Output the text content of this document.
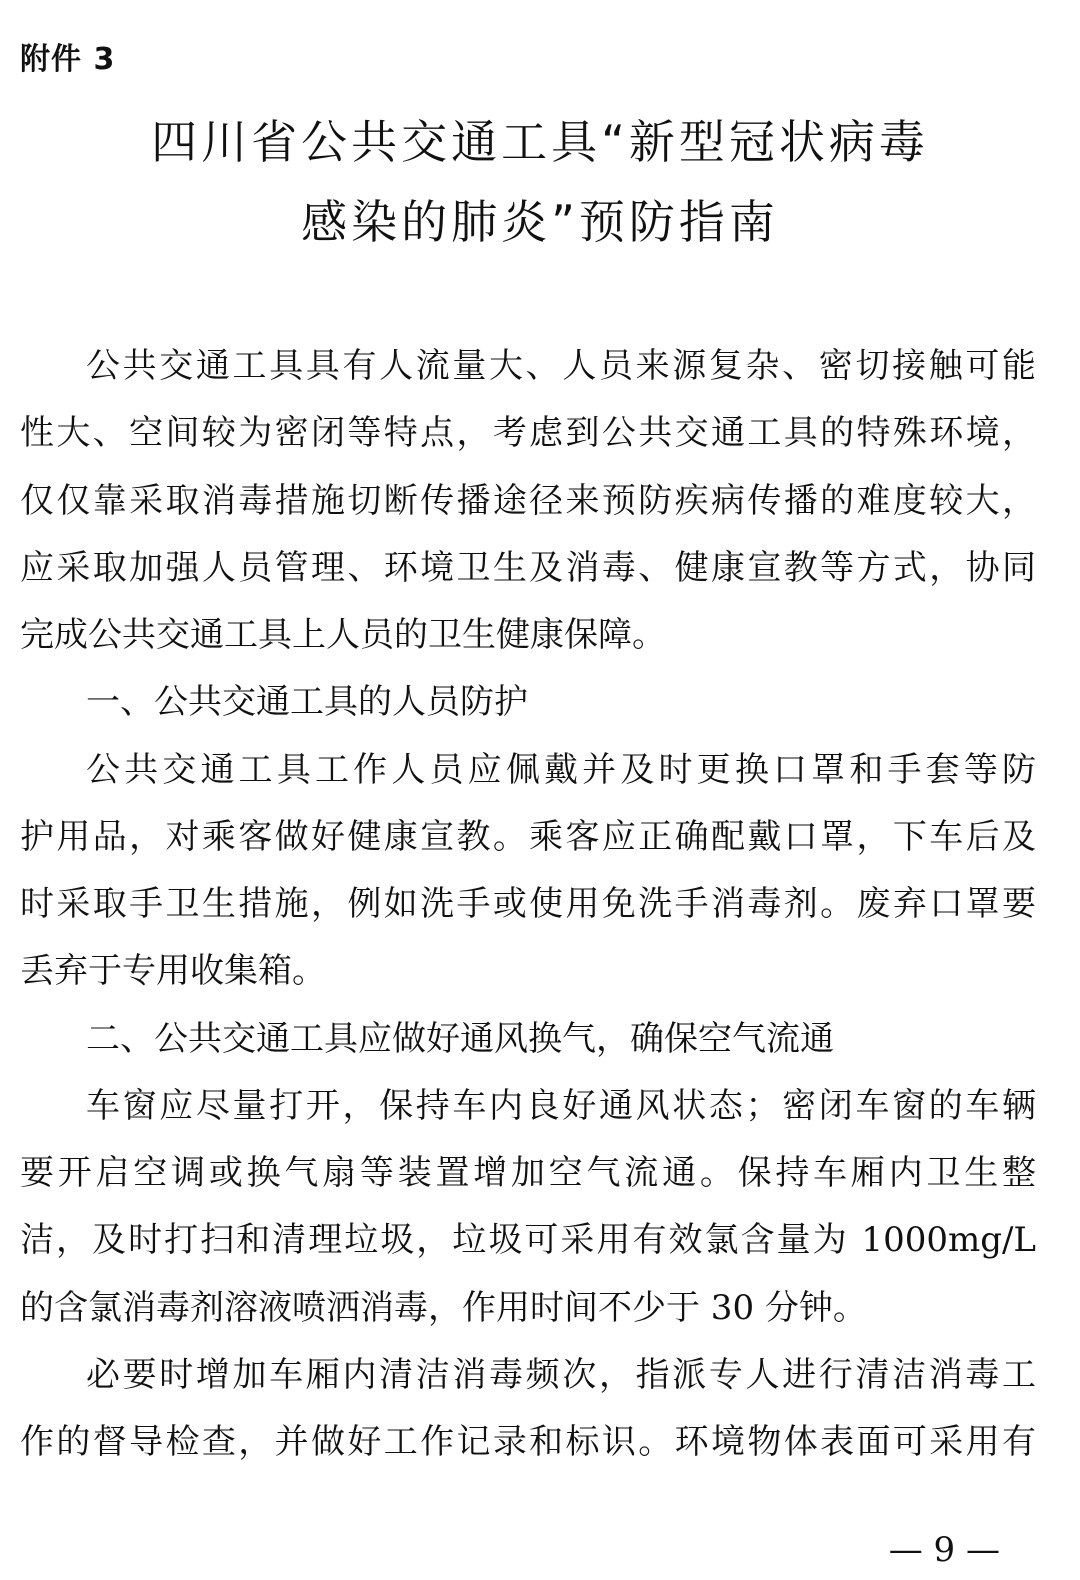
附件 3
四川省公共交通工具“新型冠状病毒
感染的肺炎”预防指南
公共交通工具具有人流量大、人员来源复杂、密切接触可能
性大、空间较为密闭等特点，考虑到公共交通工具的特殊环境，
仅仅靠采取消毒措施切断传播途径来预防疾病传播的难度较大，
应采取加强人员管理、环境卫生及消毒、健康宣教等方式，协同
完成公共交通工具上人员的卫生健康保障。
一、公共交通工具的人员防护
公共交通工具工作人员应佩戴并及时更换口罩和手套等防
护用品，对乘客做好健康宣教。乘客应正确配戴口罩，下车后及
时采取手卫生措施，例如洗手或使用免洗手消毒剂。废弃口罩要
丢弃于专用收集箱。
二、公共交通工具应做好通风换气，确保空气流通
车窗应尽量打开，保持车内良好通风状态；密闭车窗的车辆
要开启空调或换气扇等装置增加空气流通。保持车厢内卫生整
洁，及时打扫和清理垃圾，垃圾可采用有效氯含量为 1000mg/L
的含氯消毒剂溶液喷洒消毒，作用时间不少于 30 分钟。
必要时增加车厢内清洁消毒频次，指派专人进行清洁消毒工
作的督导检查，并做好工作记录和标识。环境物体表面可采用有
— 9 —
